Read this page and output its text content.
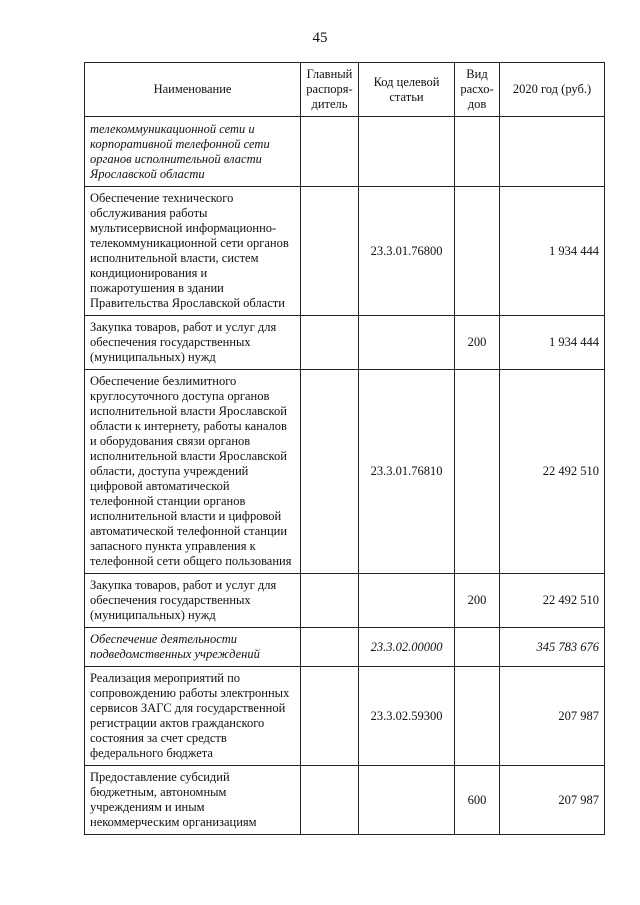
45
Наименование	Главный распоря-дитель	Код целевой статьи	Вид расхо-дов	2020 год (руб.)
телекоммуникационной сети и корпоративной телефонной сети органов исполнительной власти Ярославской области				
Обеспечение технического обслуживания работы мультисервисной информационно-телекоммуникационной сети органов исполнительной власти, систем кондиционирования и пожаротушения в здании Правительства Ярославской области		23.3.01.76800		1 934 444
Закупка товаров, работ и услуг для обеспечения государственных (муниципальных) нужд			200	1 934 444
Обеспечение безлимитного круглосуточного доступа органов исполнительной власти Ярославской области к интернету, работы каналов и оборудования связи органов исполнительной власти Ярославской области, доступа учреждений цифровой автоматической телефонной станции органов исполнительной власти и цифровой автоматической телефонной станции запасного пункта управления к телефонной сети общего пользования		23.3.01.76810		22 492 510
Закупка товаров, работ и услуг для обеспечения государственных (муниципальных) нужд			200	22 492 510
Обеспечение деятельности подведомственных учреждений		23.3.02.00000		345 783 676
Реализация мероприятий по сопровождению работы электронных сервисов ЗАГС для государственной регистрации актов гражданского состояния за счет средств федерального бюджета		23.3.02.59300		207 987
Предоставление субсидий бюджетным, автономным учреждениям и иным некоммерческим организациям			600	207 987
